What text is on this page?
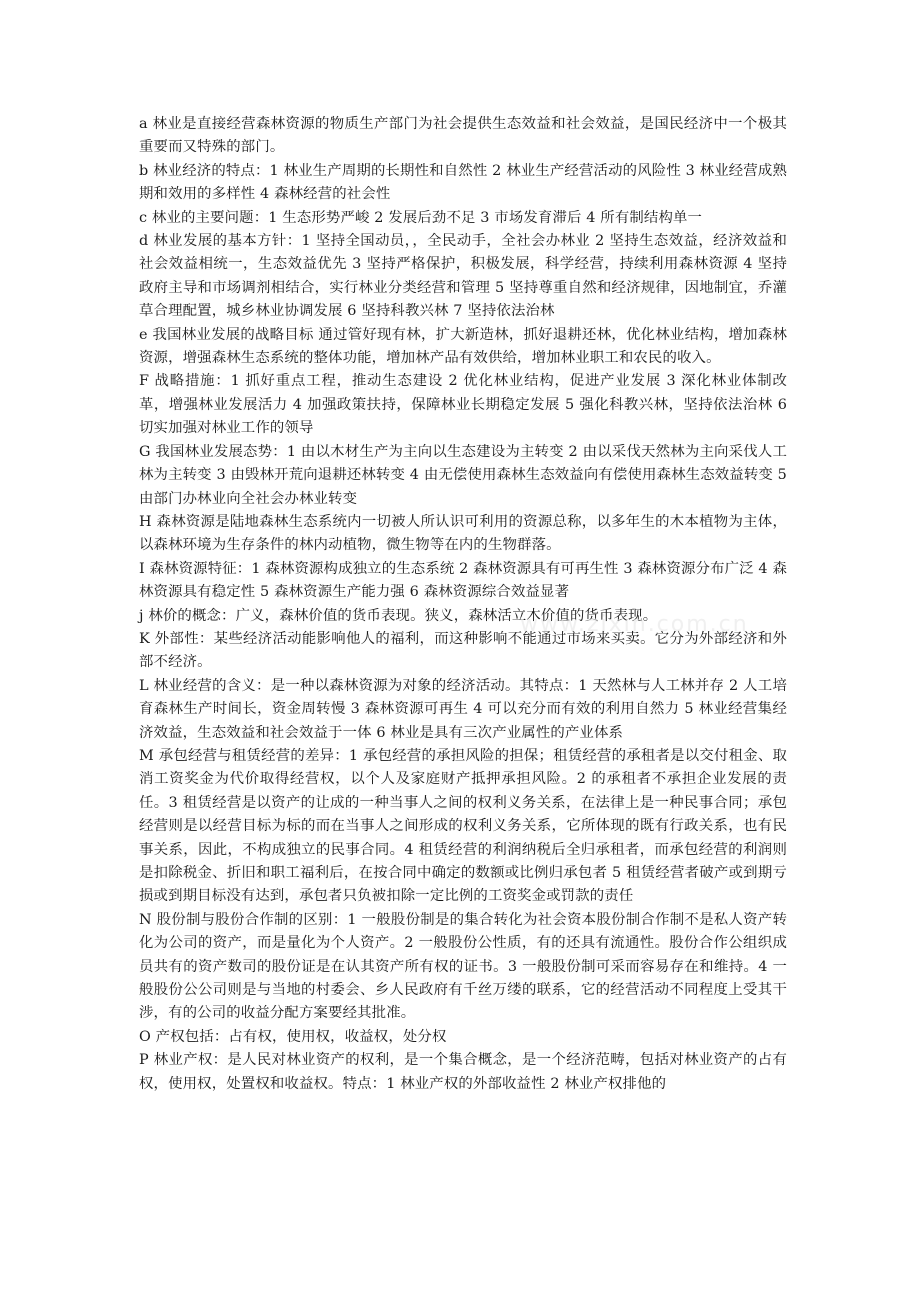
a 林业是直接经营森林资源的物质生产部门为社会提供生态效益和社会效益，是国民经济中一个极其重要而又特殊的部门。

b 林业经济的特点：1 林业生产周期的长期性和自然性 2 林业生产经营活动的风险性 3 林业经营成熟期和效用的多样性 4 森林经营的社会性

c 林业的主要问题：1 生态形势严峻 2 发展后劲不足 3 市场发育滞后 4 所有制结构单一

d 林业发展的基本方针：1 坚持全国动员，，全民动手，全社会办林业 2 坚持生态效益，经济效益和社会效益相统一，生态效益优先 3 坚持严格保护，积极发展，科学经营，持续利用森林资源 4 坚持政府主导和市场调剂相结合，实行林业分类经营和管理 5 坚持尊重自然和经济规律，因地制宜，乔灌草合理配置，城乡林业协调发展 6 坚持科教兴林 7 坚持依法治林

e 我国林业发展的战略目标 通过管好现有林，扩大新造林，抓好退耕还林，优化林业结构，增加森林资源，增强森林生态系统的整体功能，增加林产品有效供给，增加林业职工和农民的收入。

F 战略措施：1 抓好重点工程，推动生态建设 2 优化林业结构，促进产业发展 3 深化林业体制改革，增强林业发展活力 4 加强政策扶持，保障林业长期稳定发展 5 强化科教兴林，坚持依法治林 6 切实加强对林业工作的领导

G 我国林业发展态势：1 由以木材生产为主向以生态建设为主转变 2 由以采伐天然林为主向采伐人工林为主转变 3 由毁林开荒向退耕还林转变 4 由无偿使用森林生态效益向有偿使用森林生态效益转变 5 由部门办林业向全社会办林业转变

H 森林资源是陆地森林生态系统内一切被人所认识可利用的资源总称，以多年生的木本植物为主体，以森林环境为生存条件的林内动植物，微生物等在内的生物群落。

I 森林资源特征：1 森林资源构成独立的生态系统 2 森林资源具有可再生性 3 森林资源分布广泛 4 森林资源具有稳定性 5 森林资源生产能力强 6 森林资源综合效益显著

j 林价的概念：广义，森林价值的货币表现。狭义，森林活立木价值的货币表现。

K 外部性：某些经济活动能影响他人的福利，而这种影响不能通过市场来买卖。它分为外部经济和外部不经济。

L 林业经营的含义：是一种以森林资源为对象的经济活动。其特点：1 天然林与人工林并存 2 人工培育森林生产时间长，资金周转慢 3 森林资源可再生 4 可以充分而有效的利用自然力 5 林业经营集经济效益，生态效益和社会效益于一体 6 林业是具有三次产业属性的产业体系

M 承包经营与租赁经营的差异：1 承包经营的承担风险的担保；租赁经营的承租者是以交付租金、取消工资奖金为代价取得经营权，以个人及家庭财产抵押承担风险。2 的承租者不承担企业发展的责任。3 租赁经营是以资产的让成的一种当事人之间的权利义务关系，在法律上是一种民事合同；承包经营则是以经营目标为标的而在当事人之间形成的权利义务关系，它所体现的既有行政关系，也有民事关系，因此，不构成独立的民事合同。4 租赁经营的利润纳税后全归承租者，而承包经营的利润则是扣除税金、折旧和职工福利后，在按合同中确定的数额或比例归承包者 5 租赁经营者破产或到期亏损或到期目标没有达到，承包者只负被扣除一定比例的工资奖金或罚款的责任

N 股份制与股份合作制的区别：1 一般股份制是的集合转化为社会资本股份制合作制不是私人资产转化为公司的资产，而是量化为个人资产。2 一般股份公性质，有的还具有流通性。股份合作公组织成员共有的资产数司的股份证是在认其资产所有权的证书。3 一般股份制可采而容易存在和维持。4 一般股份公公司则是与当地的村委会、乡人民政府有千丝万缕的联系，它的经营活动不同程度上受其干涉，有的公司的收益分配方案要经其批准。

O 产权包括：占有权，使用权，收益权，处分权

P 林业产权：是人民对林业资产的权利，是一个集合概念，是一个经济范畴，包括对林业资产的占有权，使用权，处置权和收益权。特点：1 林业产权的外部收益性 2 林业产权排他的

www.zixin.com.cn
